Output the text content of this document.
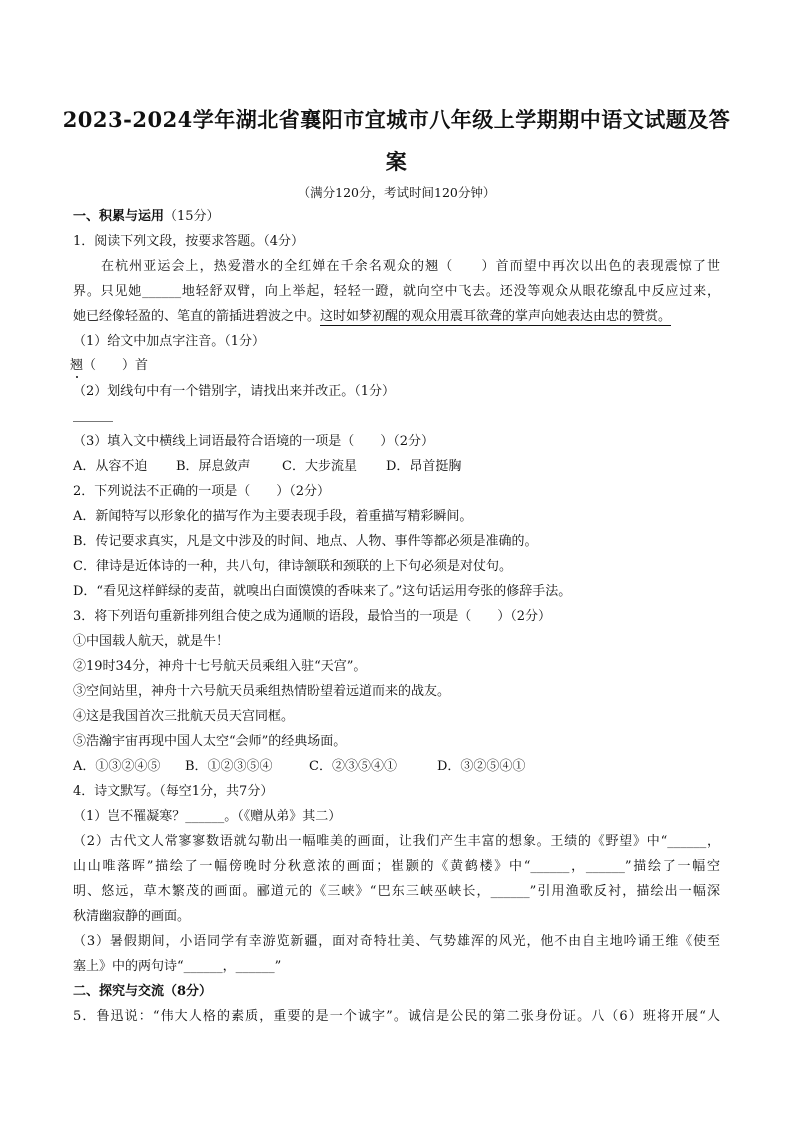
2023-2024学年湖北省襄阳市宜城市八年级上学期期中语文试题及答
案
（满分120分，考试时间120分钟）
一、积累与运用（15分）
1．阅读下列文段，按要求答题。（4分）
在杭州亚运会上，热爱潜水的全红婵在千余名观众的翘（　　）首而望中再次以出色的表现震惊了世
界。只见她______地轻舒双臂，向上举起，轻轻一蹬，就向空中飞去。还没等观众从眼花缭乱中反应过来，
她已经像轻盈的、笔直的箭插进碧波之中。这时如梦初醒的观众用震耳欲聋的掌声向她表达由忠的赞赏。
（1）给文中加点字注音。（1分）
翘（　　）首
（2）划线句中有一个错别字，请找出来并改正。（1分）
（3）填入文中横线上词语最符合语境的一项是（　　）（2分）
A．从容不迫 B．屏息敛声 C．大步流星 D．昂首挺胸
2．下列说法不正确的一项是（　　）（2分）
A．新闻特写以形象化的描写作为主要表现手段，着重描写精彩瞬间。
B．传记要求真实，凡是文中涉及的时间、地点、人物、事件等都必须是准确的。
C．律诗是近体诗的一种，共八句，律诗颔联和颈联的上下句必须是对仗句。
D．“看见这样鲜绿的麦苗，就嗅出白面馍馍的香味来了。”这句话运用夸张的修辞手法。
3．将下列语句重新排列组合使之成为通顺的语段，最恰当的一项是（　　）（2分）
①中国载人航天，就是牛！
②19时34分，神舟十七号航天员乘组入驻“天宫”。
③空间站里，神舟十六号航天员乘组热情盼望着远道而来的战友。
④这是我国首次三批航天员天宫同框。
⑤浩瀚宇宙再现中国人太空“会师”的经典场面。
A．①③②④⑤ B．①②③⑤④	C．②③⑤④①	D．③②⑤④①
4．诗文默写。（每空1分，共7分）
（1）岂不罹凝寒？______。（《赠从弟》其二）
（2）古代文人常寥寥数语就勾勒出一幅唯美的画面，让我们产生丰富的想象。王绩的《野望》中“______，
山山唯落晖”描绘了一幅傍晚时分秋意浓的画面；崔颢的《黄鹤楼》中“______，______”描绘了一幅空
明、悠远，草木繁茂的画面。郦道元的《三峡》“巴东三峡巫峡长，______”引用渔歌反衬，描绘出一幅深
秋清幽寂静的画面。
（3）暑假期间，小语同学有幸游览新疆，面对奇特壮美、气势雄浑的风光，他不由自主地吟诵王维《使至
塞上》中的两句诗“______，______”
二、探究与交流（8分）
5．鲁迅说：“伟大人格的素质，重要的是一个诚字”。诚信是公民的第二张身份证。八（6）班将开展“人
